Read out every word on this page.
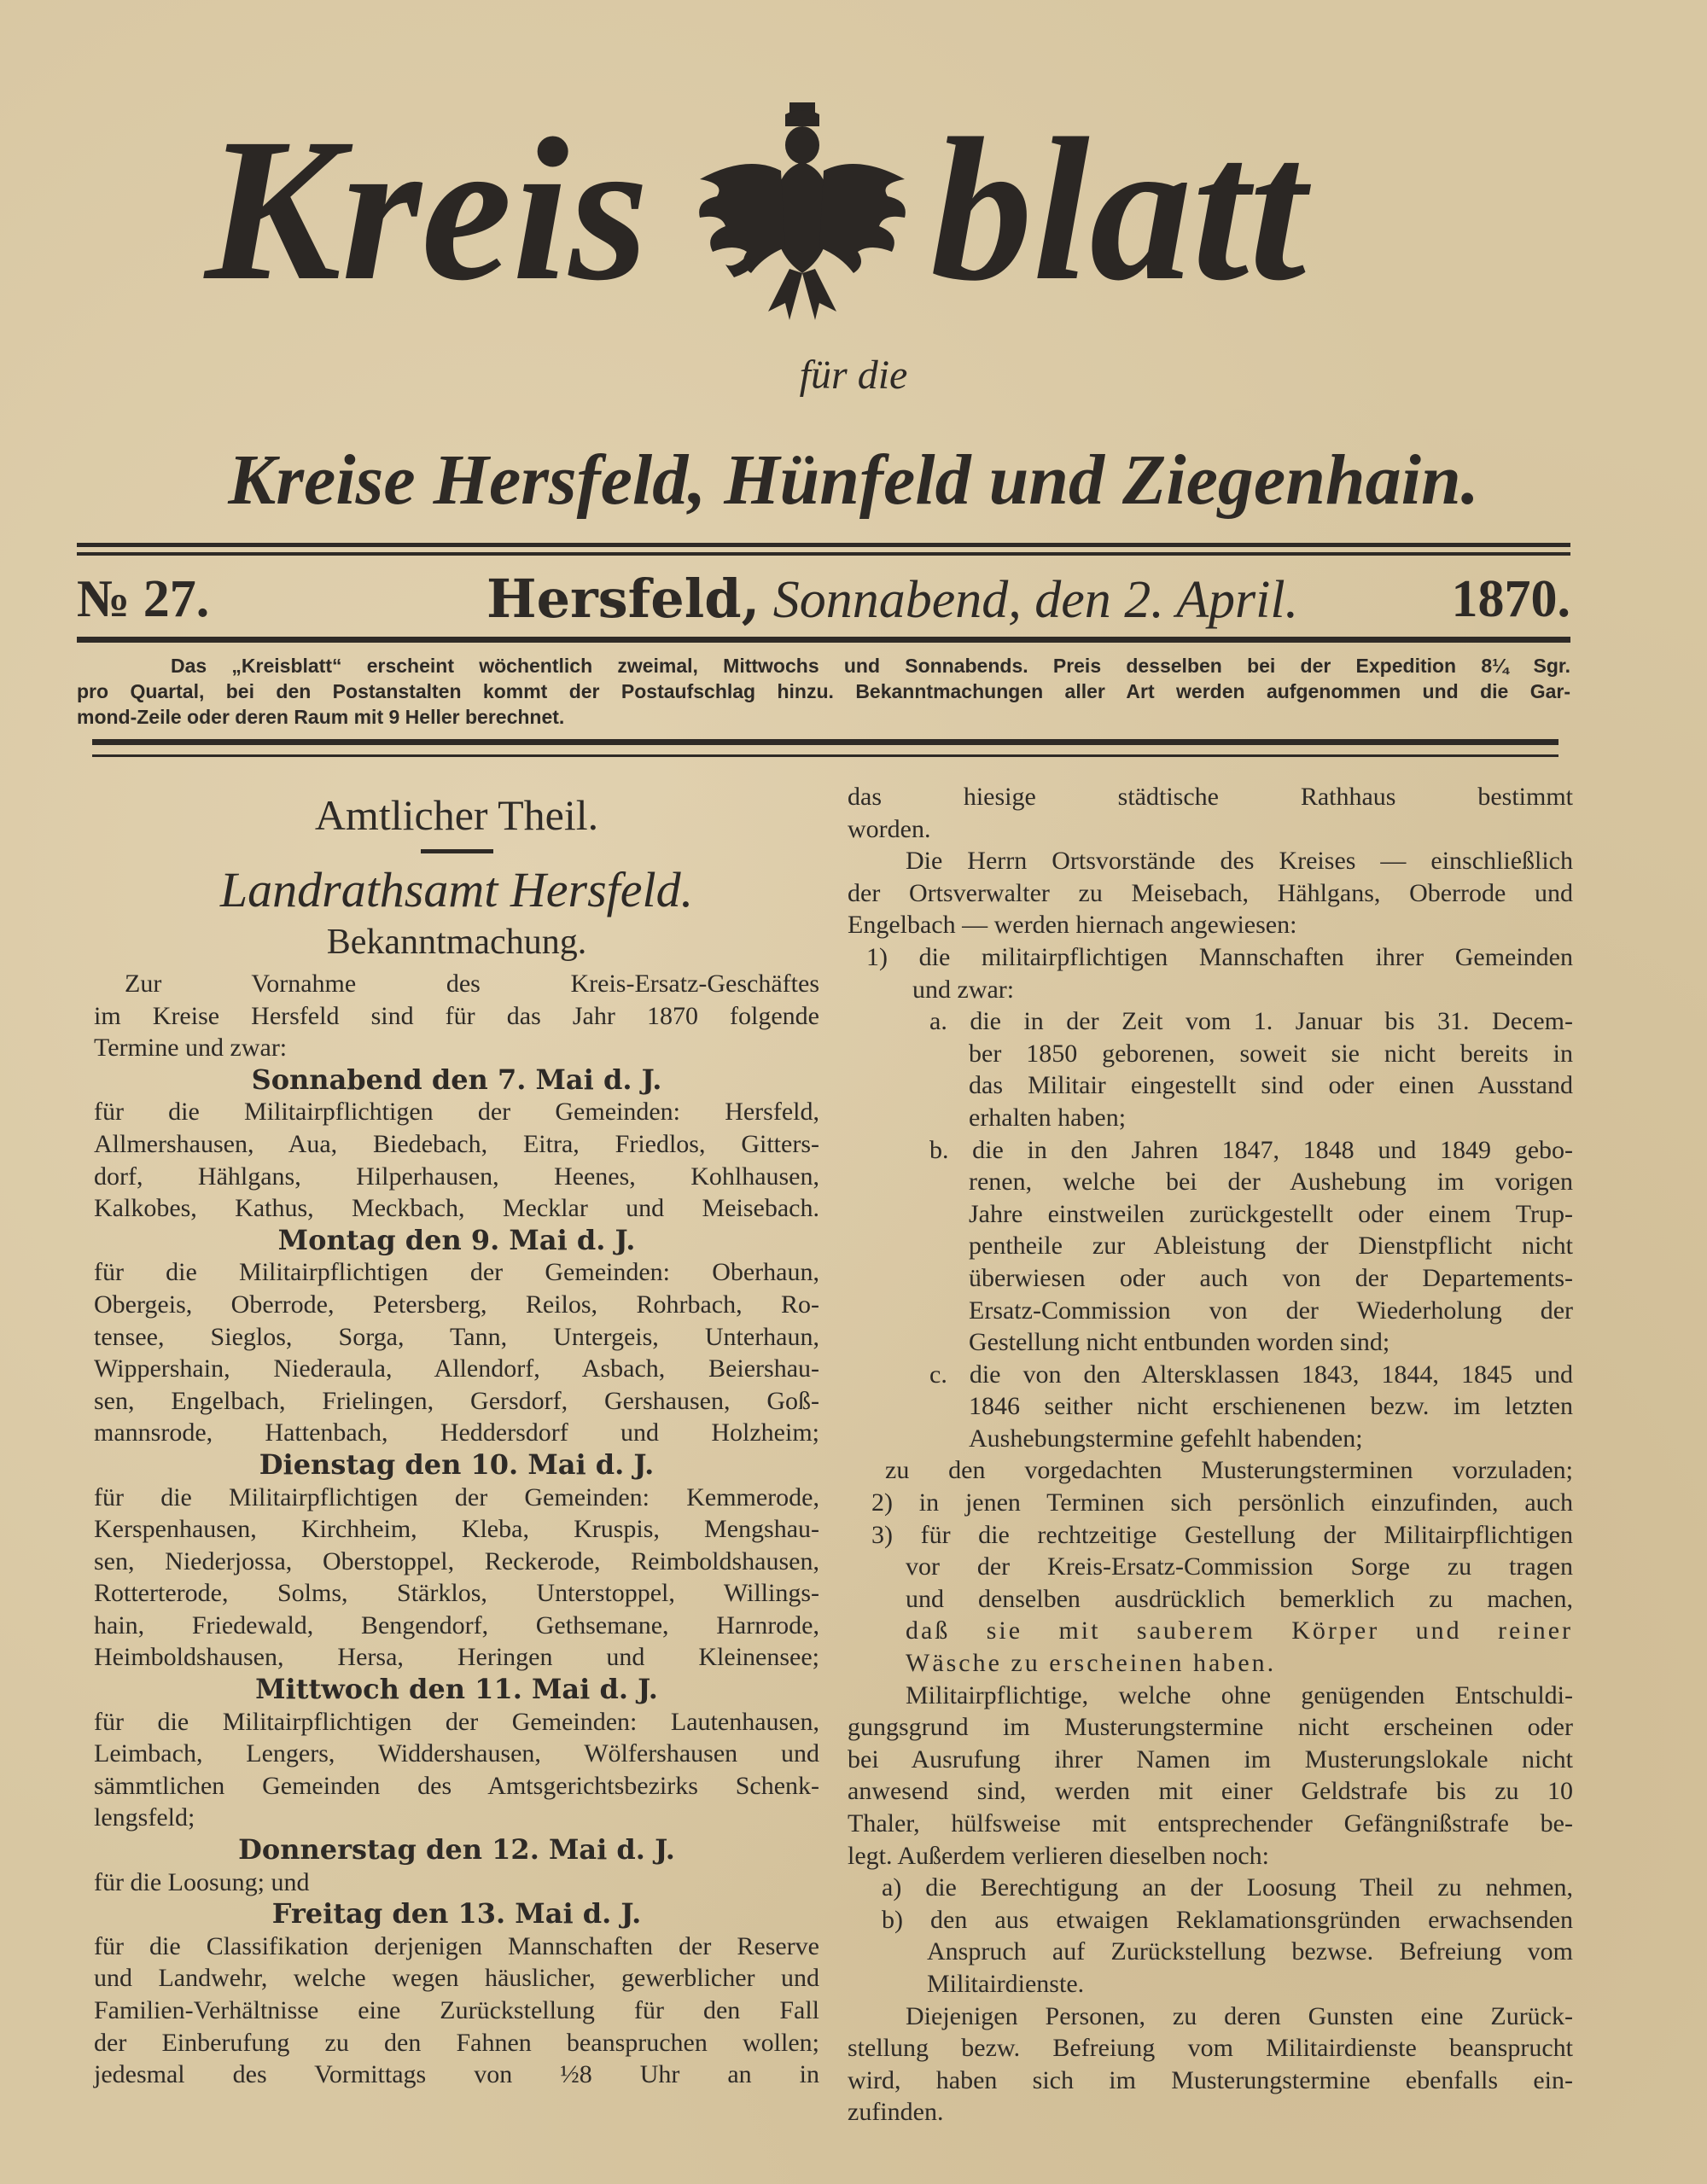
Kreis blatt
für die
Kreise Hersfeld, Hünfeld und Ziegenhain.
№ 27.	Hersfeld, Sonnabend, den 2. April.	1870.
Das „Kreisblatt“ erscheint wöchentlich zweimal, Mittwochs und Sonnabends. Preis desselben bei der Expedition 8¼ Sgr.
pro Quartal, bei den Postanstalten kommt der Postaufschlag hinzu. Bekanntmachungen aller Art werden aufgenommen und die Gar-
mond-Zeile oder deren Raum mit 9 Heller berechnet.
Amtlicher Theil.
Landrathsamt Hersfeld.
Bekanntmachung.
Zur Vornahme des Kreis-Ersatz-Geschäftes
im Kreise Hersfeld sind für das Jahr 1870 folgende
Termine und zwar:
Sonnabend den 7. Mai d. J.
für die Militairpflichtigen der Gemeinden: Hersfeld,
Allmershausen, Aua, Biedebach, Eitra, Friedlos, Gitters-
dorf, Hählgans, Hilperhausen, Heenes, Kohlhausen,
Kalkobes, Kathus, Meckbach, Mecklar und Meisebach.
Montag den 9. Mai d. J.
für die Militairpflichtigen der Gemeinden: Oberhaun,
Obergeis, Oberrode, Petersberg, Reilos, Rohrbach, Ro-
tensee, Sieglos, Sorga, Tann, Untergeis, Unterhaun,
Wippershain, Niederaula, Allendorf, Asbach, Beiershau-
sen, Engelbach, Frielingen, Gersdorf, Gershausen, Goß-
mannsrode, Hattenbach, Heddersdorf und Holzheim;
Dienstag den 10. Mai d. J.
für die Militairpflichtigen der Gemeinden: Kemmerode,
Kerspenhausen, Kirchheim, Kleba, Kruspis, Mengshau-
sen, Niederjossa, Oberstoppel, Reckerode, Reimboldshausen,
Rotterterode, Solms, Stärklos, Unterstoppel, Willings-
hain, Friedewald, Bengendorf, Gethsemane, Harnrode,
Heimboldshausen, Hersa, Heringen und Kleinensee;
Mittwoch den 11. Mai d. J.
für die Militairpflichtigen der Gemeinden: Lautenhausen,
Leimbach, Lengers, Widdershausen, Wölfershausen und
sämmtlichen Gemeinden des Amtsgerichtsbezirks Schenk-
lengsfeld;
Donnerstag den 12. Mai d. J.
für die Loosung; und
Freitag den 13. Mai d. J.
für die Classifikation derjenigen Mannschaften der Reserve
und Landwehr, welche wegen häuslicher, gewerblicher und
Familien-Verhältnisse eine Zurückstellung für den Fall
der Einberufung zu den Fahnen beanspruchen wollen;
jedesmal des Vormittags von ½8 Uhr an in
das hiesige städtische Rathhaus bestimmt
worden.
Die Herrn Ortsvorstände des Kreises — einschließlich
der Ortsverwalter zu Meisebach, Hählgans, Oberrode und
Engelbach — werden hiernach angewiesen:
1) die militairpflichtigen Mannschaften ihrer Gemeinden
und zwar:
a. die in der Zeit vom 1. Januar bis 31. Decem-
ber 1850 geborenen, soweit sie nicht bereits in
das Militair eingestellt sind oder einen Ausstand
erhalten haben;
b. die in den Jahren 1847, 1848 und 1849 gebo-
renen, welche bei der Aushebung im vorigen
Jahre einstweilen zurückgestellt oder einem Trup-
pentheile zur Ableistung der Dienstpflicht nicht
überwiesen oder auch von der Departements-
Ersatz-Commission von der Wiederholung der
Gestellung nicht entbunden worden sind;
c. die von den Altersklassen 1843, 1844, 1845 und
1846 seither nicht erschienenen bezw. im letzten
Aushebungstermine gefehlt habenden;
zu den vorgedachten Musterungsterminen vorzuladen;
2) in jenen Terminen sich persönlich einzufinden, auch
3) für die rechtzeitige Gestellung der Militairpflichtigen
vor der Kreis-Ersatz-Commission Sorge zu tragen
und denselben ausdrücklich bemerklich zu machen,
daß sie mit sauberem Körper und reiner
Wäsche zu erscheinen haben.
Militairpflichtige, welche ohne genügenden Entschuldi-
gungsgrund im Musterungstermine nicht erscheinen oder
bei Ausrufung ihrer Namen im Musterungslokale nicht
anwesend sind, werden mit einer Geldstrafe bis zu 10
Thaler, hülfsweise mit entsprechender Gefängnißstrafe be-
legt. Außerdem verlieren dieselben noch:
a) die Berechtigung an der Loosung Theil zu nehmen,
b) den aus etwaigen Reklamationsgründen erwachsenden
Anspruch auf Zurückstellung bezwse. Befreiung vom
Militairdienste.
Diejenigen Personen, zu deren Gunsten eine Zurück-
stellung bezw. Befreiung vom Militairdienste beansprucht
wird, haben sich im Musterungstermine ebenfalls ein-
zufinden.
